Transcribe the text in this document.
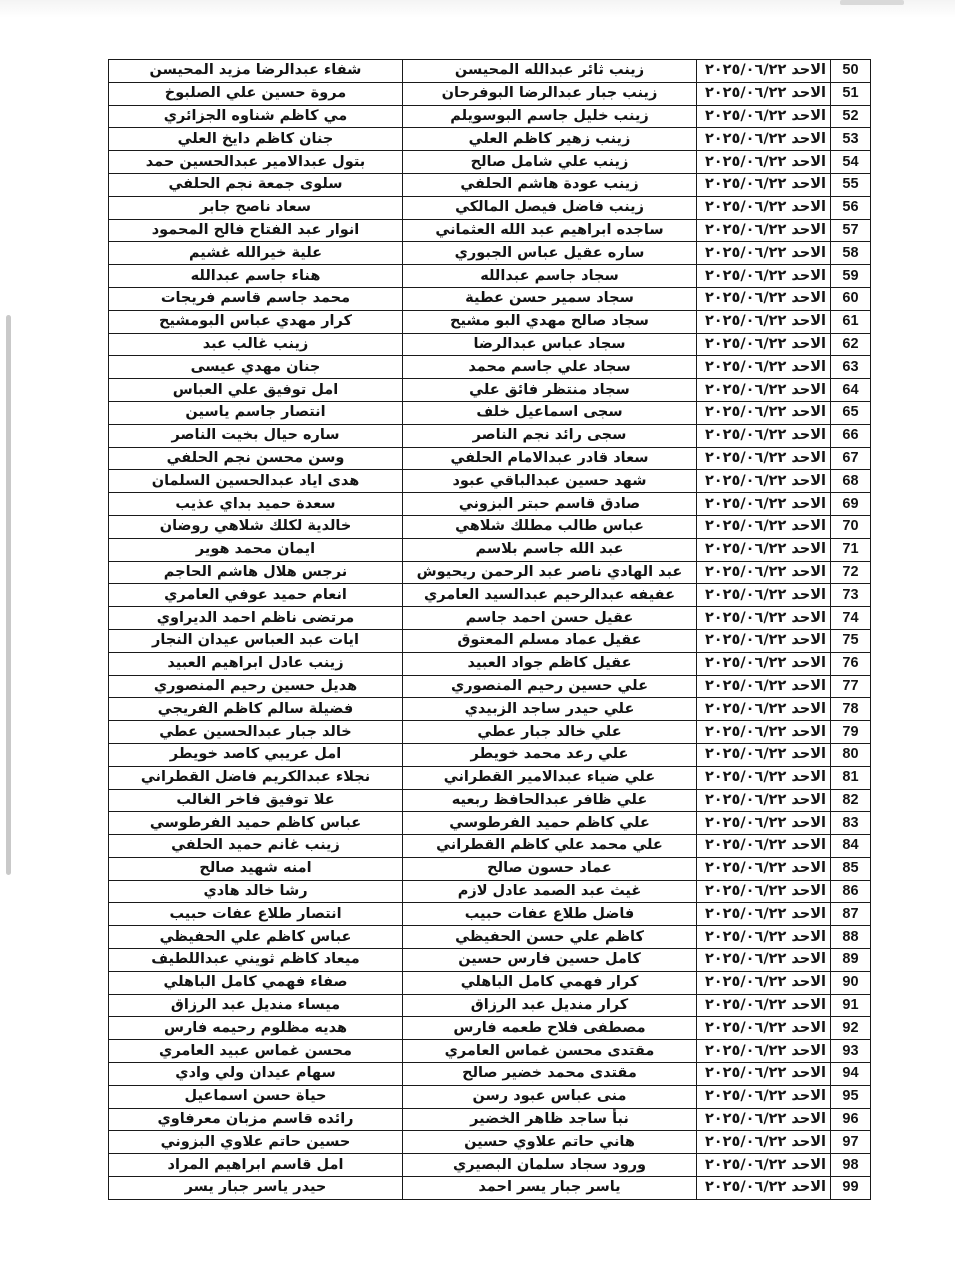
شفاء عبدالرضا مزيد المحيسن	زينب ثائر عبدالله المحيسن	الاحد ٢٠٢٥/٠٦/٢٢	50
مروة حسين علي الصلبوخ	زينب جبار عبدالرضا البوفرحان	الاحد ٢٠٢٥/٠٦/٢٢	51
مي كاظم شناوه الجزائري	زينب خليل جاسم البوسويلم	الاحد ٢٠٢٥/٠٦/٢٢	52
جنان كاظم دايخ العلي	زينب زهير كاظم العلي	الاحد ٢٠٢٥/٠٦/٢٢	53
بتول عبدالامير عبدالحسين حمد	زينب علي شامل صالح	الاحد ٢٠٢٥/٠٦/٢٢	54
سلوى جمعة نجم الحلفي	زينب عودة هاشم الحلفي	الاحد ٢٠٢٥/٠٦/٢٢	55
سعاد ناصح جابر	زينب فاضل فيصل المالكي	الاحد ٢٠٢٥/٠٦/٢٢	56
انوار عبد الفتاح فالح المحمود	ساجده ابراهيم عبد الله العثماني	الاحد ٢٠٢٥/٠٦/٢٢	57
علية خيرالله غشيم	ساره عقيل عباس الجبوري	الاحد ٢٠٢٥/٠٦/٢٢	58
هناء جاسم عبدالله	سجاد جاسم عبدالله	الاحد ٢٠٢٥/٠٦/٢٢	59
محمد جاسم قاسم فريجات	سجاد سمير حسن عطية	الاحد ٢٠٢٥/٠٦/٢٢	60
كرار مهدي عباس البومشيح	سجاد صالح مهدي البو مشيح	الاحد ٢٠٢٥/٠٦/٢٢	61
زينب غالب عبد	سجاد عباس عبدالرضا	الاحد ٢٠٢٥/٠٦/٢٢	62
جنان مهدي عيسى	سجاد علي جاسم محمد	الاحد ٢٠٢٥/٠٦/٢٢	63
امل توفيق علي العباس	سجاد منتظر فائق علي	الاحد ٢٠٢٥/٠٦/٢٢	64
انتصار جاسم ياسين	سجى اسماعيل خلف	الاحد ٢٠٢٥/٠٦/٢٢	65
ساره حيال بخيت الناصر	سجى رائد نجم الناصر	الاحد ٢٠٢٥/٠٦/٢٢	66
وسن محسن نجم الحلفي	سعاد قادر عبدالامام الحلفي	الاحد ٢٠٢٥/٠٦/٢٢	67
هدى اياد عبدالحسين السلمان	شهد حسين عبدالباقي عبود	الاحد ٢٠٢٥/٠٦/٢٢	68
سعدة حميد بداي عذيب	صادق قاسم حبتر البزوني	الاحد ٢٠٢٥/٠٦/٢٢	69
خالدية لكلك شلاهي روضان	عباس طالب مطلك شلاهي	الاحد ٢٠٢٥/٠٦/٢٢	70
ايمان محمد هوير	عبد الله جاسم بلاسم	الاحد ٢٠٢٥/٠٦/٢٢	71
نرجس هلال هاشم الحاجم	عبد الهادي ناصر عبد الرحمن ريحيوش	الاحد ٢٠٢٥/٠٦/٢٢	72
انعام حميد عوفي العامري	عفيفه عبدالرحيم عبدالسيد العامري	الاحد ٢٠٢٥/٠٦/٢٢	73
مرتضى ناظم احمد الديراوي	عقيل حسن احمد جاسم	الاحد ٢٠٢٥/٠٦/٢٢	74
ايات عبد العباس عيدان النجار	عقيل عماد مسلم المعتوق	الاحد ٢٠٢٥/٠٦/٢٢	75
زينب عادل ابراهيم العبيد	عقيل كاظم جواد العبيد	الاحد ٢٠٢٥/٠٦/٢٢	76
هديل حسين رحيم المنصوري	علي حسين رحيم المنصوري	الاحد ٢٠٢٥/٠٦/٢٢	77
فضيلة سالم كاظم الفريجي	علي حيدر ساجد الزبيدي	الاحد ٢٠٢٥/٠٦/٢٢	78
خالد جبار عبدالحسين عطي	علي خالد جبار عطي	الاحد ٢٠٢٥/٠٦/٢٢	79
امل عريبي كاصد خويطر	علي رعد محمد خويطر	الاحد ٢٠٢٥/٠٦/٢٢	80
نجلاء عبدالكريم فاضل القطراني	علي ضياء عبدالامير القطراني	الاحد ٢٠٢٥/٠٦/٢٢	81
علا توفيق فاخر الغالب	علي ظافر عبدالحافظ ربعيه	الاحد ٢٠٢٥/٠٦/٢٢	82
عباس كاظم حميد الفرطوسي	علي كاظم حميد الفرطوسي	الاحد ٢٠٢٥/٠٦/٢٢	83
زينب غانم حميد الحلفي	علي محمد علي كاظم القطراني	الاحد ٢٠٢٥/٠٦/٢٢	84
امنه شهيد صالح	عماد حسون صالح	الاحد ٢٠٢٥/٠٦/٢٢	85
رشا خالد هادي	غيث عبد الصمد عادل لازم	الاحد ٢٠٢٥/٠٦/٢٢	86
انتصار طلاع عفات حبيب	فاضل طلاع عفات حبيب	الاحد ٢٠٢٥/٠٦/٢٢	87
عباس كاظم علي الحفيظي	كاظم علي حسن الحفيظي	الاحد ٢٠٢٥/٠٦/٢٢	88
ميعاد كاظم ثويني عبداللطيف	كامل حسين فارس حسين	الاحد ٢٠٢٥/٠٦/٢٢	89
صفاء فهمي كامل الباهلي	كرار فهمي كامل الباهلي	الاحد ٢٠٢٥/٠٦/٢٢	90
ميساء منديل عبد الرزاق	كرار منديل عبد الرزاق	الاحد ٢٠٢٥/٠٦/٢٢	91
هديه مظلوم رحيمه فارس	مصطفى فلاح طعمه فارس	الاحد ٢٠٢٥/٠٦/٢٢	92
محسن غماس عبيد العامري	مقتدى محسن غماس العامري	الاحد ٢٠٢٥/٠٦/٢٢	93
سهام عيدان ولي وادي	مقتدى محمد خضير صالح	الاحد ٢٠٢٥/٠٦/٢٢	94
حياة حسن اسماعيل	منى عباس عبود رسن	الاحد ٢٠٢٥/٠٦/٢٢	95
رائده قاسم مزبان معرفاوي	نبأ ساجد ظاهر الخضير	الاحد ٢٠٢٥/٠٦/٢٢	96
حسين حاتم علاوي البزوني	هاني حاتم علاوي حسين	الاحد ٢٠٢٥/٠٦/٢٢	97
امل قاسم ابراهيم المراد	ورود سجاد سلمان البصيري	الاحد ٢٠٢٥/٠٦/٢٢	98
حيدر ياسر جبار يسر	ياسر جبار يسر احمد	الاحد ٢٠٢٥/٠٦/٢٢	99
